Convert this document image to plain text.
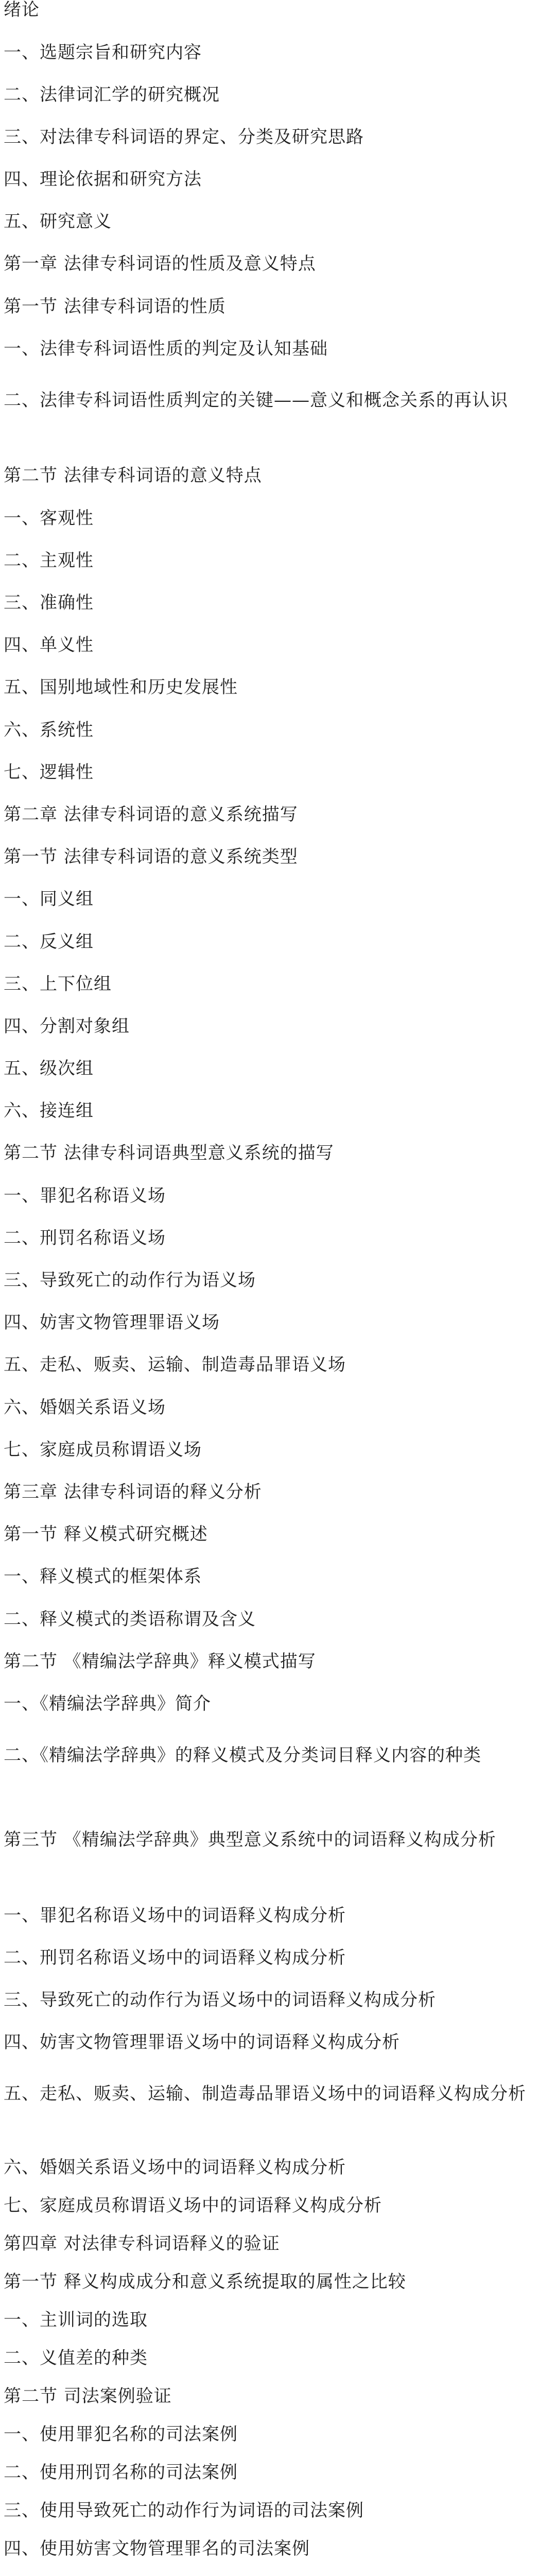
绪论
一、选题宗旨和研究内容
二、法律词汇学的研究概况
三、对法律专科词语的界定、分类及研究思路
四、理论依据和研究方法
五、研究意义
第一章 法律专科词语的性质及意义特点
第一节 法律专科词语的性质
一、法律专科词语性质的判定及认知基础
二、法律专科词语性质判定的关键——意义和概念关系的再认识
第二节 法律专科词语的意义特点
一、客观性
二、主观性
三、准确性
四、单义性
五、国别地域性和历史发展性
六、系统性
七、逻辑性
第二章 法律专科词语的意义系统描写
第一节 法律专科词语的意义系统类型
一、同义组
二、反义组
三、上下位组
四、分割对象组
五、级次组
六、接连组
第二节 法律专科词语典型意义系统的描写
一、罪犯名称语义场
二、刑罚名称语义场
三、导致死亡的动作行为语义场
四、妨害文物管理罪语义场
五、走私、贩卖、运输、制造毒品罪语义场
六、婚姻关系语义场
七、家庭成员称谓语义场
第三章 法律专科词语的释义分析
第一节 释义模式研究概述
一、释义模式的框架体系
二、释义模式的类语称谓及含义
第二节 《精编法学辞典》释义模式描写
一、《精编法学辞典》简介
二、《精编法学辞典》的释义模式及分类词目释义内容的种类
第三节 《精编法学辞典》典型意义系统中的词语释义构成分析
一、罪犯名称语义场中的词语释义构成分析
二、刑罚名称语义场中的词语释义构成分析
三、导致死亡的动作行为语义场中的词语释义构成分析
四、妨害文物管理罪语义场中的词语释义构成分析
五、走私、贩卖、运输、制造毒品罪语义场中的词语释义构成分析
六、婚姻关系语义场中的词语释义构成分析
七、家庭成员称谓语义场中的词语释义构成分析
第四章 对法律专科词语释义的验证
第一节 释义构成成分和意义系统提取的属性之比较
一、主训词的选取
二、义值差的种类
第二节 司法案例验证
一、使用罪犯名称的司法案例
二、使用刑罚名称的司法案例
三、使用导致死亡的动作行为词语的司法案例
四、使用妨害文物管理罪名的司法案例
